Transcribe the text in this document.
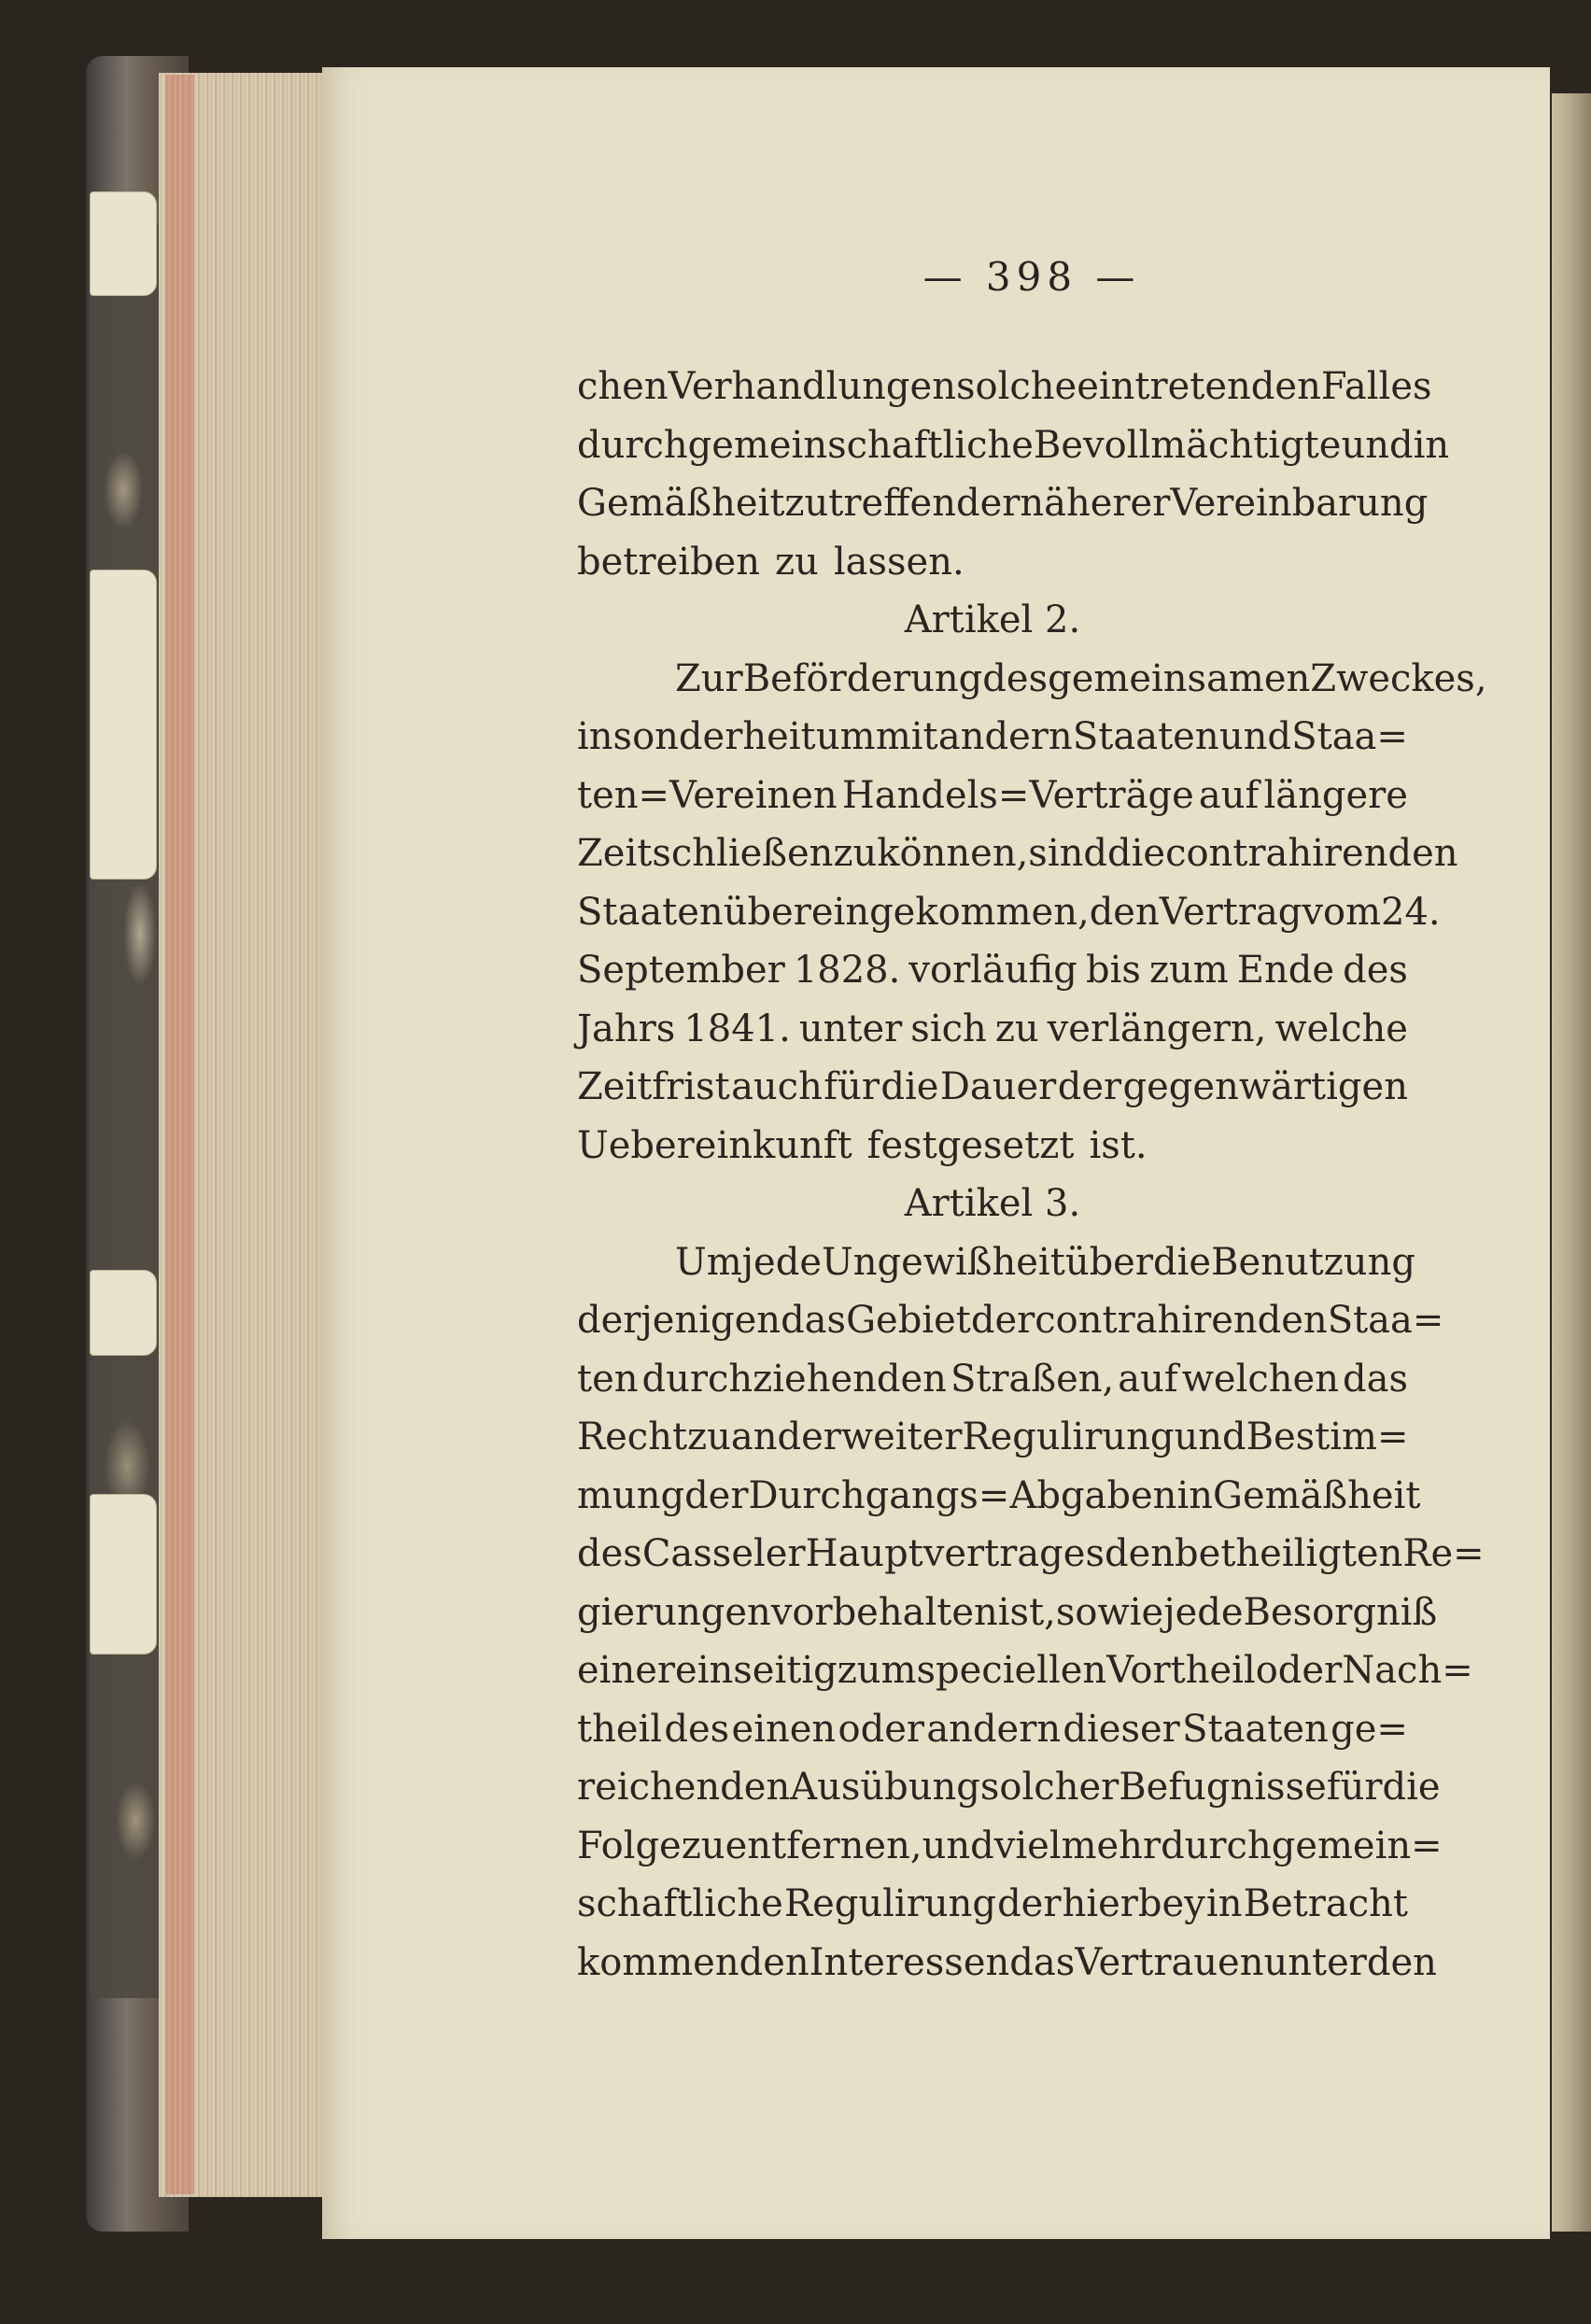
— 398 —
chen Verhandlungen solche eintretenden Falles
durch gemeinschaftliche Bevollmächtigte und in
Gemäßheit zu treffender näherer Vereinbarung
betreiben zu lassen.
Artikel 2.
Zur Beförderung des gemeinsamen Zweckes,
insonderheit um mit andern Staaten und Staa=
ten=Vereinen Handels=Verträge auf längere
Zeit schließen zu können, sind die contrahirenden
Staaten übereingekommen, den Vertrag vom 24.
September 1828. vorläufig bis zum Ende des
Jahrs 1841. unter sich zu verlängern, welche
Zeitfrist auch für die Dauer der gegenwärtigen
Uebereinkunft festgesetzt ist.
Artikel 3.
Um jede Ungewißheit über die Benutzung
derjenigen das Gebiet der contrahirenden Staa=
ten durchziehenden Straßen, auf welchen das
Recht zu anderweiter Regulirung und Bestim=
mung der Durchgangs=Abgaben in Gemäßheit
des Casseler Hauptvertrages den betheiligten Re=
gierungen vorbehalten ist, so wie jede Besorgniß
einer einseitig zum speciellen Vortheil oder Nach=
theil des einen oder andern dieser Staaten ge=
reichenden Ausübung solcher Befugnisse für die
Folge zu entfernen, und vielmehr durch gemein=
schaftliche Regulirung der hierbey in Betracht
kommenden Interessen das Vertrauen unter den
